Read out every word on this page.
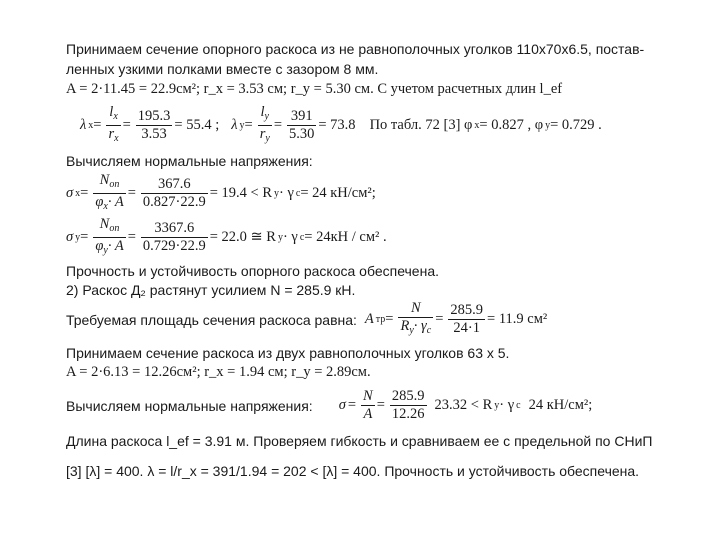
Принимаем сечение опорного раскоса из не равнополочных уголков 110х70х6.5, постав-
ленных узкими полками вместе с зазором 8 мм.
A = 2·11.45 = 22.9см²; r_x = 3.53 см; r_y = 5.30 см. С учетом расчетных длин l_ef
λ $x = \frac{l_x}{r_x} = \frac{195.3}{3.53} = 55.4$ ; λ $y = \frac{l_y}{r_y} = \frac{391}{5.30} = 73.8$ По табл. 72 [3] φ x = 0.827 , φ y = 0.729 .
Вычисляем нормальные напряжения:
σ $x = \frac{N_{оп}}{\varphi_x\cdot A} = \frac{367.6}{0.827\cdot 22.9} = 19.4 < R$ y · γ c = 24 кН/см²;
σ $y = \frac{N_{оп}}{\varphi_y\cdot A} = \frac{3367.6}{0.729\cdot 22.9} = 22.0$ ≅ R y · γ c = 24кН / см² .
Прочность и устойчивость опорного раскоса обеспечена.
2) Раскос Д₂ растянут усилием N = 285.9 кН.
Требуемая площадь сечения раскоса равна: A тр = $\frac{N}{R_y\cdot \gamma_c} = \frac{285.9}{24\cdot 1} = 11.9$ см²
Принимаем сечение раскоса из двух равнополочных уголков 63 х 5.
A = 2·6.13 = 12.26см²; r_x = 1.94 см; r_y = 2.89см.
Вычисляем нормальные напряжения: $\sigma = \frac{N}{A} = \frac{285.9}{12.26} 23.32 < R$ y · γ c 24 кН/см²;
Длина раскоса l_ef = 3.91 м. Проверяем гибкость и сравниваем ее с предельной по СНиП
[3] [λ] = 400. λ = l/r_x = 391/1.94 = 202 < [λ] = 400. Прочность и устойчивость обеспечена.
